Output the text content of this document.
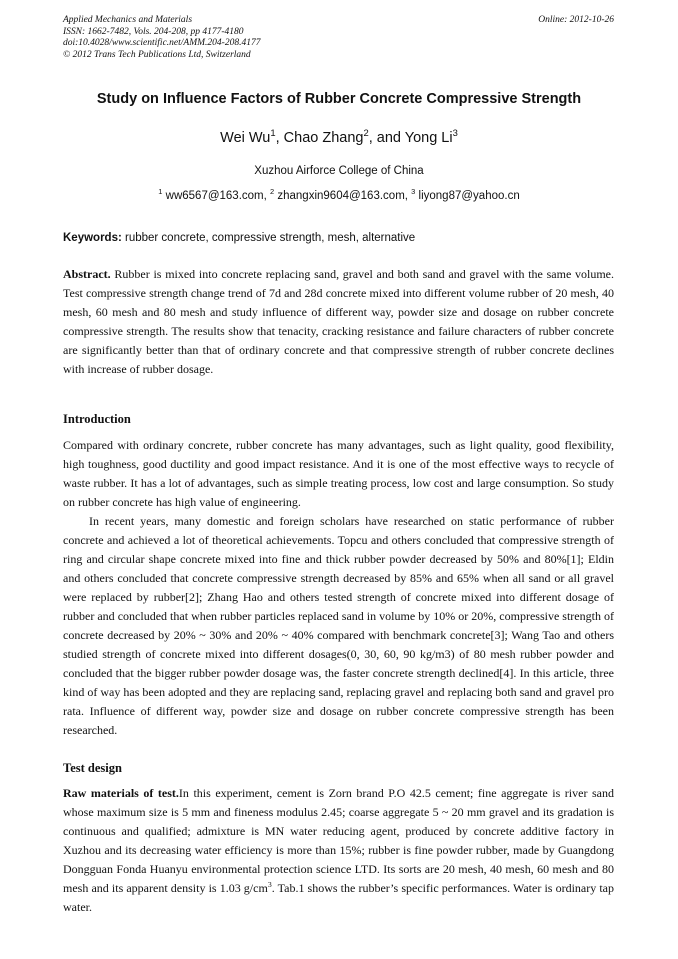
Applied Mechanics and Materials
ISSN: 1662-7482, Vols. 204-208, pp 4177-4180
doi:10.4028/www.scientific.net/AMM.204-208.4177
© 2012 Trans Tech Publications Ltd, Switzerland
Online: 2012-10-26
Study on Influence Factors of Rubber Concrete Compressive Strength
Wei Wu$^1$, Chao Zhang$^2$, and Yong Li$^3$
Xuzhou Airforce College of China
$^1$ ww6567@163.com, $^2$ zhangxin9604@163.com, $^3$ liyong87@yahoo.cn
Keywords: rubber concrete, compressive strength, mesh, alternative
Abstract. Rubber is mixed into concrete replacing sand, gravel and both sand and gravel with the same volume. Test compressive strength change trend of 7d and 28d concrete mixed into different volume rubber of 20 mesh, 40 mesh, 60 mesh and 80 mesh and study influence of different way, powder size and dosage on rubber concrete compressive strength. The results show that tenacity, cracking resistance and failure characters of rubber concrete are significantly better than that of ordinary concrete and that compressive strength of rubber concrete declines with increase of rubber dosage.
Introduction
Compared with ordinary concrete, rubber concrete has many advantages, such as light quality, good flexibility, high toughness, good ductility and good impact resistance. And it is one of the most effective ways to recycle of waste rubber. It has a lot of advantages, such as simple treating process, low cost and large consumption. So study on rubber concrete has high value of engineering.
In recent years, many domestic and foreign scholars have researched on static performance of rubber concrete and achieved a lot of theoretical achievements. Topcu and others concluded that compressive strength of ring and circular shape concrete mixed into fine and thick rubber powder decreased by 50% and 80%[1]; Eldin and others concluded that concrete compressive strength decreased by 85% and 65% when all sand or all gravel were replaced by rubber[2]; Zhang Hao and others tested strength of concrete mixed into different dosage of rubber and concluded that when rubber particles replaced sand in volume by 10% or 20%, compressive strength of concrete decreased by 20% ~ 30% and 20% ~ 40% compared with benchmark concrete[3]; Wang Tao and others studied strength of concrete mixed into different dosages(0, 30, 60, 90 kg/m3) of 80 mesh rubber powder and concluded that the bigger rubber powder dosage was, the faster concrete strength declined[4]. In this article, three kind of way has been adopted and they are replacing sand, replacing gravel and replacing both sand and gravel pro rata. Influence of different way, powder size and dosage on rubber concrete compressive strength has been researched.
Test design
Raw materials of test.In this experiment, cement is Zorn brand P.O 42.5 cement; fine aggregate is river sand whose maximum size is 5 mm and fineness modulus 2.45; coarse aggregate 5 ~ 20 mm gravel and its gradation is continuous and qualified; admixture is MN water reducing agent, produced by concrete additive factory in Xuzhou and its decreasing water efficiency is more than 15%; rubber is fine powder rubber, made by Guangdong Dongguan Fonda Huanyu environmental protection science LTD. Its sorts are 20 mesh, 40 mesh, 60 mesh and 80 mesh and its apparent density is 1.03 $g/cm^3$. Tab.1 shows the rubber’s specific performances. Water is ordinary tap water.
